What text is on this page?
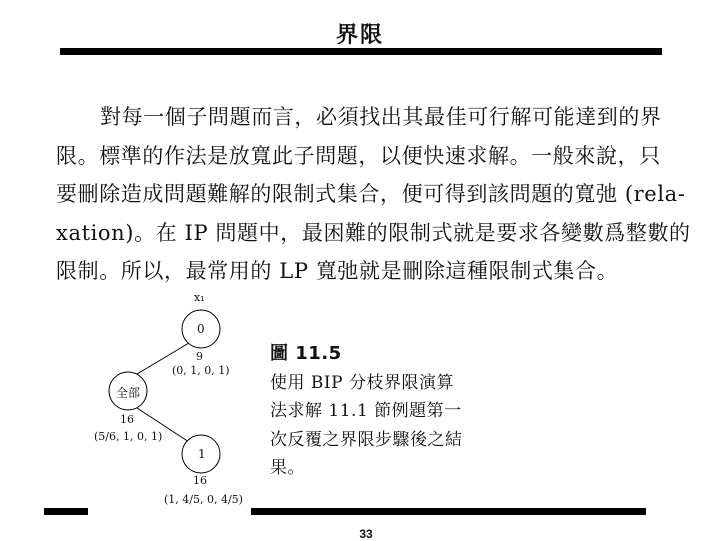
界限
對每一個子問題而言，必須找出其最佳可行解可能達到的界
限。標準的作法是放寬此子問題，以便快速求解。一般來說，只
要刪除造成問題難解的限制式集合，便可得到該問題的寬弛 (rela-
xation)。在 IP 問題中，最困難的限制式就是要求各變數爲整數的
限制。所以，最常用的 LP 寬弛就是刪除這種限制式集合。
x₁
全部
16
(5/6, 1, 0, 1)
0
9
(0, 1, 0, 1)
1
16
(1, 4/5, 0, 4/5)
圖 11.5
使用 BIP 分枝界限演算
法求解 11.1 節例題第一
次反覆之界限步驟後之結
果。
33
